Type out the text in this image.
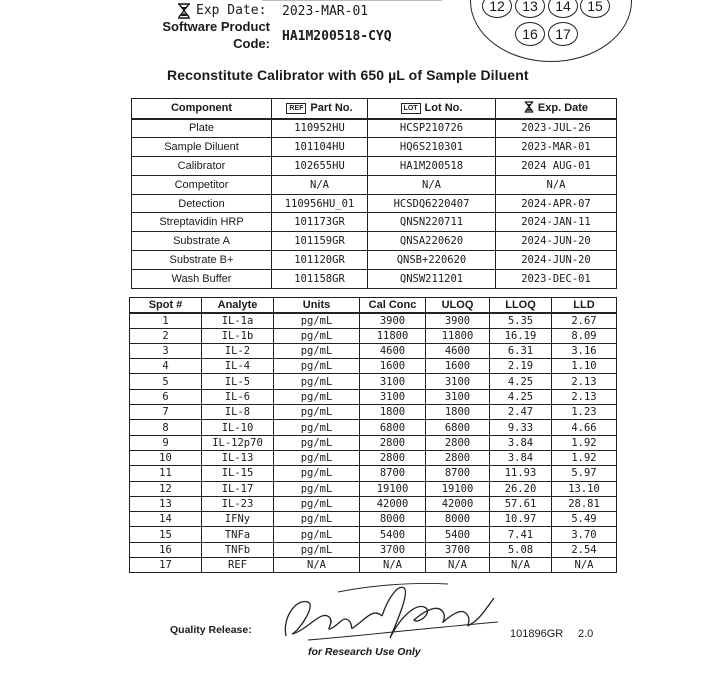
Exp Date: 2023-MAR-01
Software Product
Code: HA1M200518-CYQ
12	13	14	15
16	17
Reconstitute Calibrator with 650 µL of Sample Diluent
Component	REF Part No.	LOT Lot No.	Exp. Date
Plate	110952HU	HCSP210726	2023-JUL-26
Sample Diluent	101104HU	HQ6S210301	2023-MAR-01
Calibrator	102655HU	HA1M200518	2024 AUG-01
Competitor	N/A	N/A	N/A
Detection	110956HU_01	HCSDQ6220407	2024-APR-07
Streptavidin HRP	101173GR	QNSN220711	2024-JAN-11
Substrate A	101159GR	QNSA220620	2024-JUN-20
Substrate B+	101120GR	QNSB+220620	2024-JUN-20
Wash Buffer	101158GR	QNSW211201	2023-DEC-01
Spot #	Analyte	Units	Cal Conc	ULOQ	LLOQ	LLD
1	IL-1a	pg/mL	3900	3900	5.35	2.67
2	IL-1b	pg/mL	11800	11800	16.19	8.09
3	IL-2	pg/mL	4600	4600	6.31	3.16
4	IL-4	pg/mL	1600	1600	2.19	1.10
5	IL-5	pg/mL	3100	3100	4.25	2.13
6	IL-6	pg/mL	3100	3100	4.25	2.13
7	IL-8	pg/mL	1800	1800	2.47	1.23
8	IL-10	pg/mL	6800	6800	9.33	4.66
9	IL-12p70	pg/mL	2800	2800	3.84	1.92
10	IL-13	pg/mL	2800	2800	3.84	1.92
11	IL-15	pg/mL	8700	8700	11.93	5.97
12	IL-17	pg/mL	19100	19100	26.20	13.10
13	IL-23	pg/mL	42000	42000	57.61	28.81
14	IFNy	pg/mL	8000	8000	10.97	5.49
15	TNFa	pg/mL	5400	5400	7.41	3.70
16	TNFb	pg/mL	3700	3700	5.08	2.54
17	REF	N/A	N/A	N/A	N/A	N/A
Quality Release:	101896GR 2.0
for Research Use Only
